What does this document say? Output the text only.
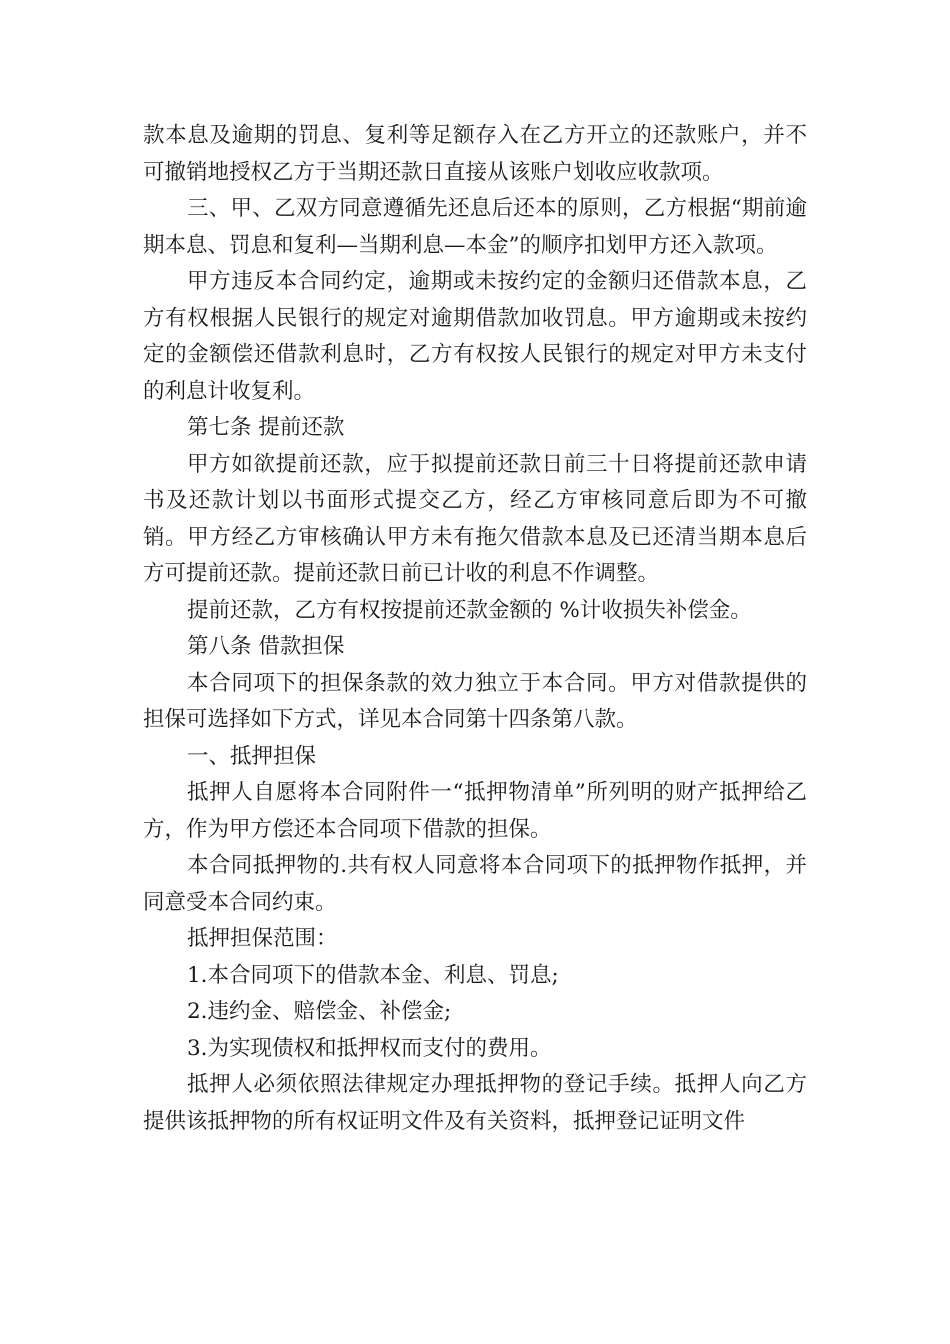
款本息及逾期的罚息、复利等足额存入在乙方开立的还款账户，并不可撤销地授权乙方于当期还款日直接从该账户划收应收款项。

三、甲、乙双方同意遵循先还息后还本的原则，乙方根据“期前逾期本息、罚息和复利—当期利息—本金”的顺序扣划甲方还入款项。

甲方违反本合同约定，逾期或未按约定的金额归还借款本息，乙方有权根据人民银行的规定对逾期借款加收罚息。甲方逾期或未按约定的金额偿还借款利息时，乙方有权按人民银行的规定对甲方未支付的利息计收复利。

第七条 提前还款

甲方如欲提前还款，应于拟提前还款日前三十日将提前还款申请书及还款计划以书面形式提交乙方，经乙方审核同意后即为不可撤销。甲方经乙方审核确认甲方未有拖欠借款本息及已还清当期本息后方可提前还款。提前还款日前已计收的利息不作调整。

提前还款，乙方有权按提前还款金额的 %计收损失补偿金。

第八条 借款担保

本合同项下的担保条款的效力独立于本合同。甲方对借款提供的担保可选择如下方式，详见本合同第十四条第八款。

一、抵押担保

抵押人自愿将本合同附件一“抵押物清单”所列明的财产抵押给乙方，作为甲方偿还本合同项下借款的担保。

本合同抵押物的.共有权人同意将本合同项下的抵押物作抵押，并同意受本合同约束。

抵押担保范围：

1.本合同项下的借款本金、利息、罚息;

2.违约金、赔偿金、补偿金;

3.为实现债权和抵押权而支付的费用。

抵押人必须依照法律规定办理抵押物的登记手续。抵押人向乙方提供该抵押物的所有权证明文件及有关资料，抵押登记证明文件
